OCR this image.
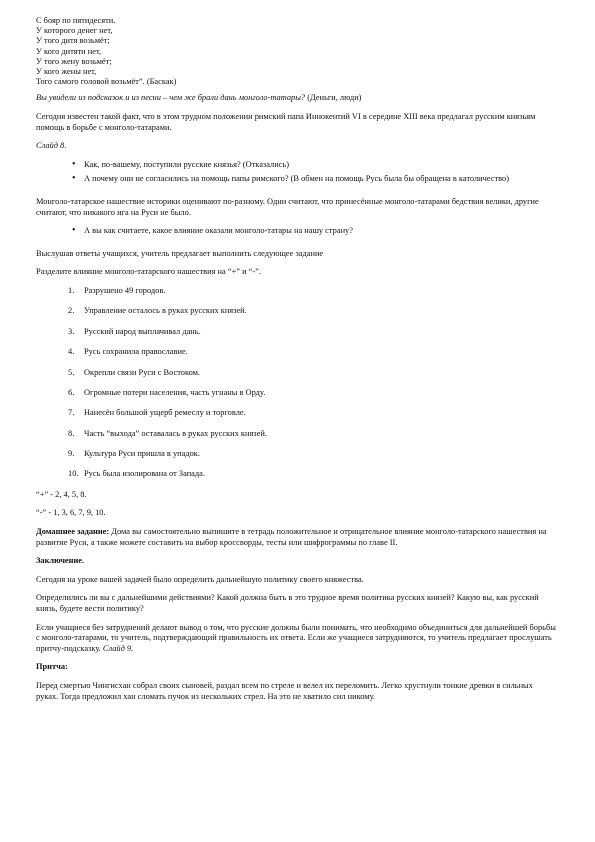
С бояр по пятидесяти.

У которого денег нет,

У того дитя возьмёт;

У кого дитяти нет,

У того жену возьмёт;

У кого жены нет,

Того самого головой возьмёт”. (Баскак)

Вы увидели из подсказок и из песни – чем же брали дань монголо-татары? (Деньги, люди)

Сегодня известен такой факт, что в этом трудном положении римский папа Иннокентий VI в середине XIII века предлагал русским князьям помощь в борьбе с монголо-татарами.

Слайд 8.

• Как, по-вашему, поступили русские князья? (Отказались)
• А почему они не согласились на помощь папы римского? (В обмен на помощь Русь была бы обращена в католичество)

Монголо-татарское нашествие историки оценивают по-разному. Одни считают, что принесённые монголо-татарами бедствия велики, другие считают, что никакого ига на Руси не было.

• А вы как считаете, какое влияние оказали монголо-татары на нашу страну?

Выслушав ответы учащихся, учитель предлагает выполнить следующее задание

Разделите влияние монголо-татарского нашествия на “+” и “-”.

1. Разрушено 49 городов.
2. Управление осталось в руках русских князей.
3. Русский народ выплачивал дань.
4. Русь сохранила православие.
5. Окрепли связи Руси с Востоком.
6. Огромные потери населения, часть угнаны в Орду.
7. Нанесён большой ущерб ремеслу и торговле.
8. Часть “выхода” оставалась в руках русских князей.
9. Культура Руси пришла в упадок.
10. Русь была изолирована от Запада.

“+” - 2, 4, 5, 8.

“-” - 1, 3, 6, 7, 9, 10.

Домашнее задание: Дома вы самостоятельно выпишите в тетрадь положительное и отрицательное влияние монголо-татарского нашествия на развитие Руси, а также можете составить на выбор кроссворды, тесты или шифрограммы по главе II.

Заключение.

Сегодня на уроке вашей задачей было определить дальнейшую политику своего княжества.

Определились ли вы с дальнейшими действиями? Какой должна быть в это трудное время политика русских князей? Какую вы, как русский князь, будете вести политику?

Если учащиеся без затруднений делают вывод о том, что русские должны были понимать, что необходимо объединиться для дальнейшей борьбы с монголо-татарами, то учитель, подтверждающий правильность их ответа. Если же учащиеся затрудняются, то учитель предлагает прослушать притчу-подсказку. Слайд 9.

Притча:

Перед смертью Чингисхан собрал своих сыновей, раздал всем по стреле и велел их переломить. Легко хрустнули тонкие древки в сильных руках. Тогда предложил хан сломать пучок из нескольких стрел. На это не хватило сил никому.
